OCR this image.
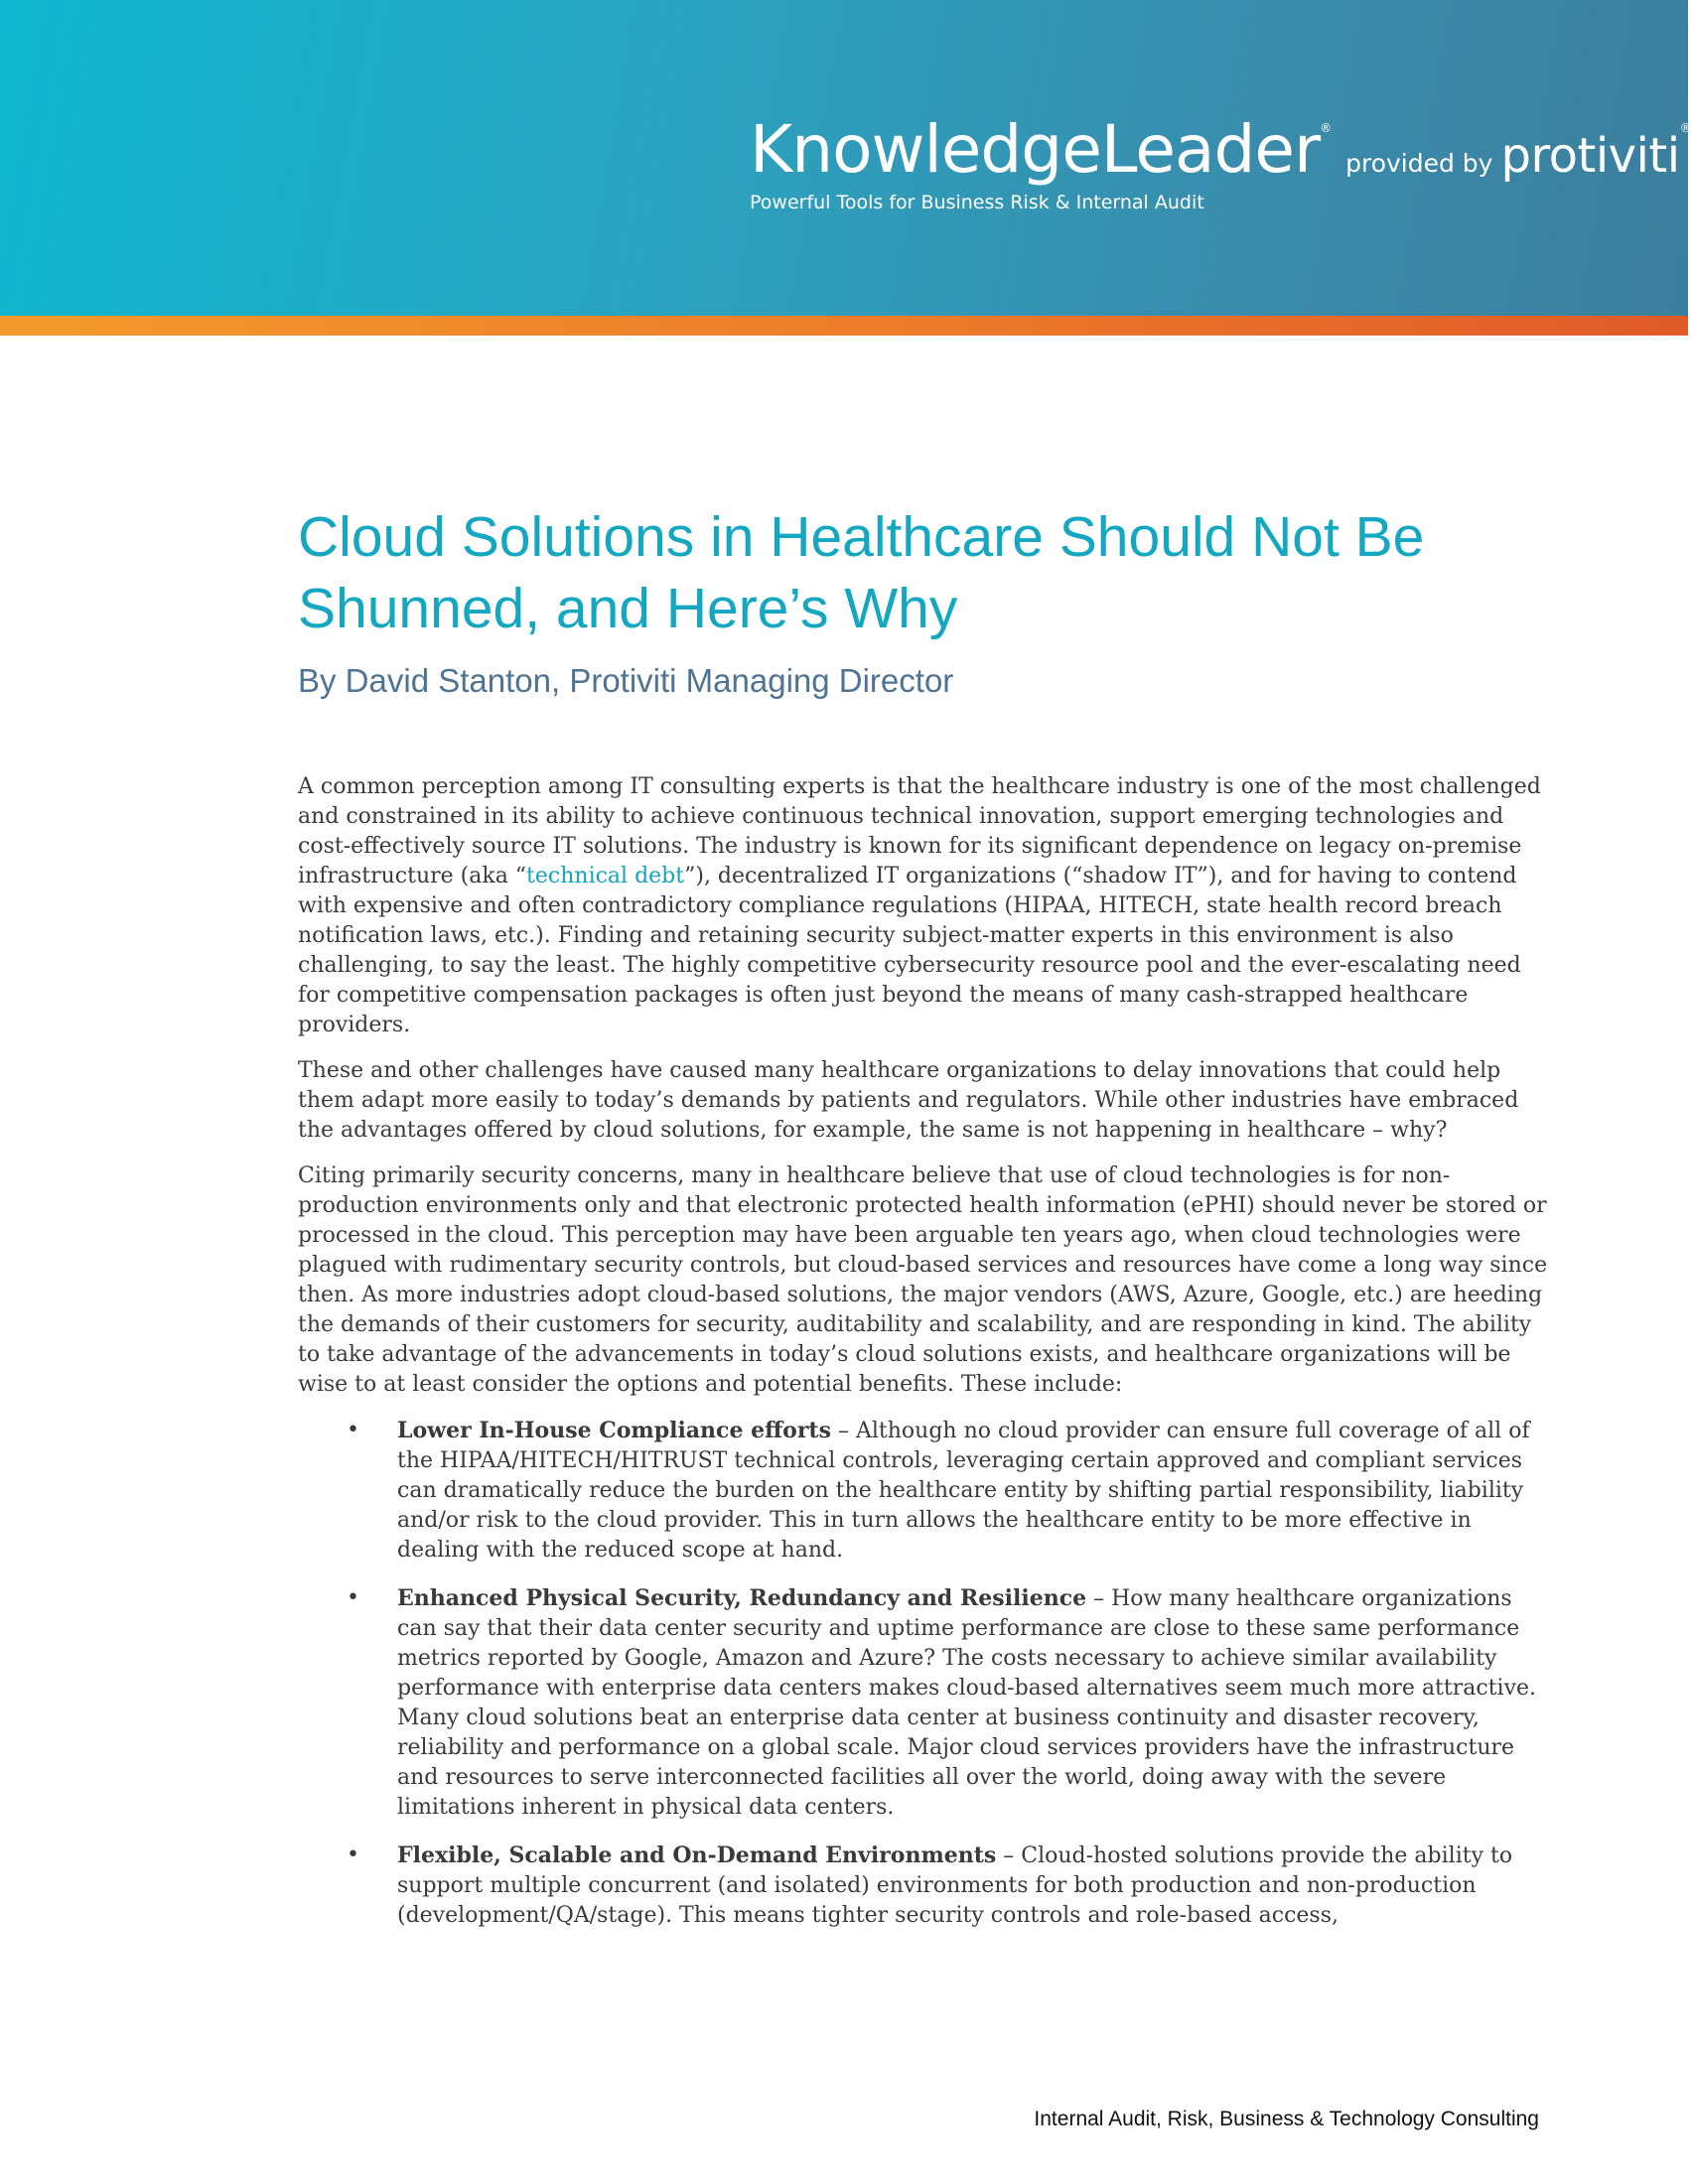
KnowledgeLeader®provided by protiviti®
Powerful Tools for Business Risk & Internal Audit
Cloud Solutions in Healthcare Should Not Be Shunned, and Here’s Why
By David Stanton, Protiviti Managing Director

A common perception among IT consulting experts is that the healthcare industry is one of the most challenged and constrained in its ability to achieve continuous technical innovation, support emerging technologies and cost-effectively source IT solutions. The industry is known for its significant dependence on legacy on-premise infrastructure (aka “technical debt”), decentralized IT organizations (“shadow IT”), and for having to contend with expensive and often contradictory compliance regulations (HIPAA, HITECH, state health record breach notification laws, etc.). Finding and retaining security subject-matter experts in this environment is also challenging, to say the least. The highly competitive cybersecurity resource pool and the ever-escalating need for competitive compensation packages is often just beyond the means of many cash-strapped healthcare providers.

These and other challenges have caused many healthcare organizations to delay innovations that could help them adapt more easily to today’s demands by patients and regulators. While other industries have embraced the advantages offered by cloud solutions, for example, the same is not happening in healthcare – why?

Citing primarily security concerns, many in healthcare believe that use of cloud technologies is for non-production environments only and that electronic protected health information (ePHI) should never be stored or processed in the cloud. This perception may have been arguable ten years ago, when cloud technologies were plagued with rudimentary security controls, but cloud-based services and resources have come a long way since then. As more industries adopt cloud-based solutions, the major vendors (AWS, Azure, Google, etc.) are heeding the demands of their customers for security, auditability and scalability, and are responding in kind. The ability to take advantage of the advancements in today’s cloud solutions exists, and healthcare organizations will be wise to at least consider the options and potential benefits. These include:

• Lower In-House Compliance efforts – Although no cloud provider can ensure full coverage of all of the HIPAA/HITECH/HITRUST technical controls, leveraging certain approved and compliant services can dramatically reduce the burden on the healthcare entity by shifting partial responsibility, liability and/or risk to the cloud provider. This in turn allows the healthcare entity to be more effective in dealing with the reduced scope at hand.
• Enhanced Physical Security, Redundancy and Resilience – How many healthcare organizations can say that their data center security and uptime performance are close to these same performance metrics reported by Google, Amazon and Azure? The costs necessary to achieve similar availability performance with enterprise data centers makes cloud-based alternatives seem much more attractive. Many cloud solutions beat an enterprise data center at business continuity and disaster recovery, reliability and performance on a global scale. Major cloud services providers have the infrastructure and resources to serve interconnected facilities all over the world, doing away with the severe limitations inherent in physical data centers.
• Flexible, Scalable and On-Demand Environments – Cloud-hosted solutions provide the ability to support multiple concurrent (and isolated) environments for both production and non-production (development/QA/stage). This means tighter security controls and role-based access,
Internal Audit, Risk, Business & Technology Consulting
